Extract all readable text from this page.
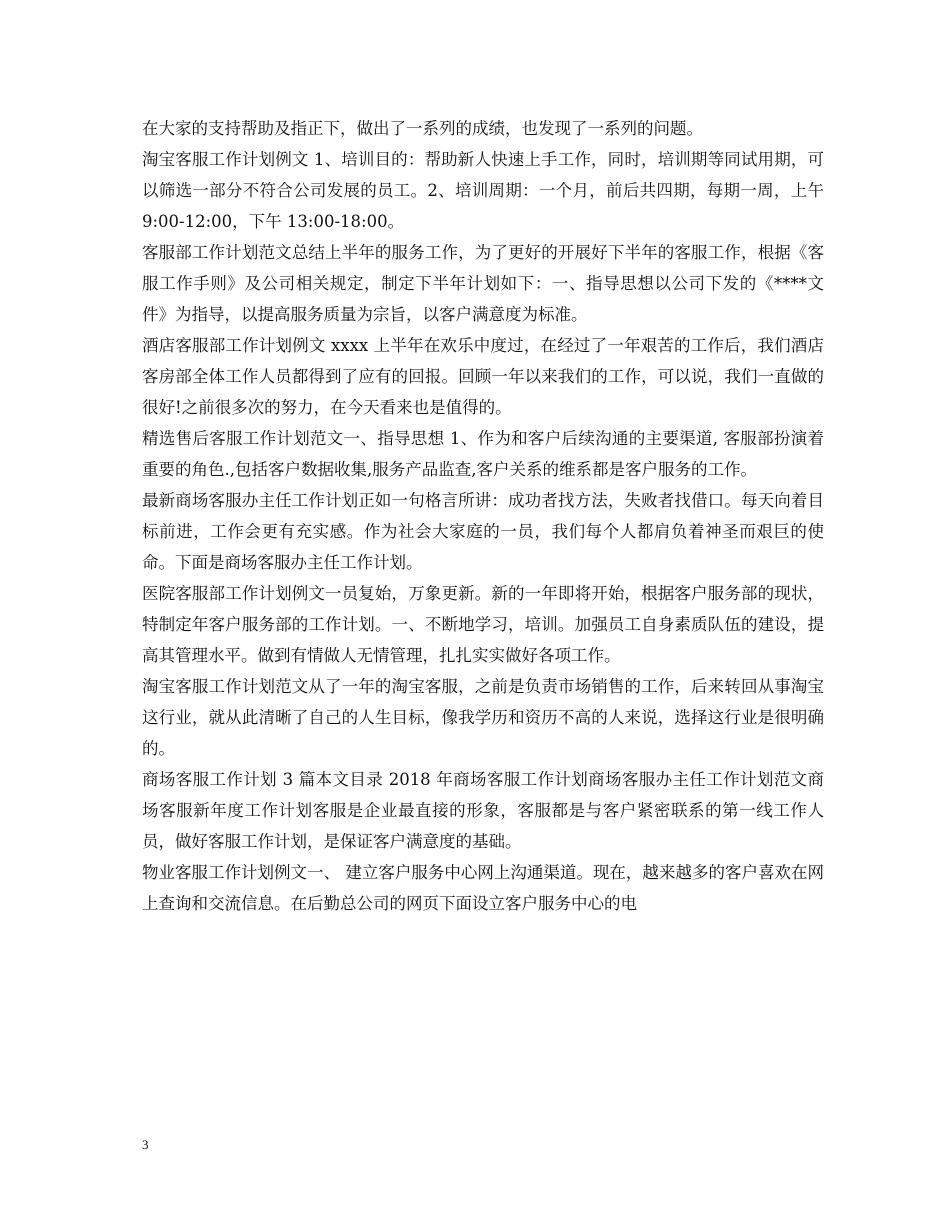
在大家的支持帮助及指正下，做出了一系列的成绩，也发现了一系列的问题。

淘宝客服工作计划例文 1、培训目的：帮助新人快速上手工作，同时，培训期等同试用期，可以筛选一部分不符合公司发展的员工。2、培训周期：一个月，前后共四期，每期一周，上午 9:00-12:00，下午 13:00-18:00。

客服部工作计划范文总结上半年的服务工作，为了更好的开展好下半年的客服工作，根据《客服工作手则》及公司相关规定，制定下半年计划如下：一、指导思想以公司下发的《****文件》为指导，以提高服务质量为宗旨，以客户满意度为标准。

酒店客服部工作计划例文 xxxx 上半年在欢乐中度过，在经过了一年艰苦的工作后，我们酒店客房部全体工作人员都得到了应有的回报。回顾一年以来我们的工作，可以说，我们一直做的很好!之前很多次的努力，在今天看来也是值得的。

精选售后客服工作计划范文一、指导思想 1、作为和客户后续沟通的主要渠道, 客服部扮演着重要的角色.,包括客户数据收集,服务产品监查,客户关系的维系都是客户服务的工作。

最新商场客服办主任工作计划正如一句格言所讲：成功者找方法，失败者找借口。每天向着目标前进，工作会更有充实感。作为社会大家庭的一员，我们每个人都肩负着神圣而艰巨的使命。下面是商场客服办主任工作计划。

医院客服部工作计划例文一员复始，万象更新。新的一年即将开始，根据客户服务部的现状，特制定年客户服务部的工作计划。一、不断地学习，培训。加强员工自身素质队伍的建设，提高其管理水平。做到有情做人无情管理，扎扎实实做好各项工作。

淘宝客服工作计划范文从了一年的淘宝客服，之前是负责市场销售的工作，后来转回从事淘宝这行业，就从此清晰了自己的人生目标，像我学历和资历不高的人来说，选择这行业是很明确的。

商场客服工作计划 3 篇本文目录 2018 年商场客服工作计划商场客服办主任工作计划范文商场客服新年度工作计划客服是企业最直接的形象，客服都是与客户紧密联系的第一线工作人员，做好客服工作计划，是保证客户满意度的基础。

物业客服工作计划例文一、 建立客户服务中心网上沟通渠道。现在，越来越多的客户喜欢在网上查询和交流信息。在后勤总公司的网页下面设立客户服务中心的电

3
